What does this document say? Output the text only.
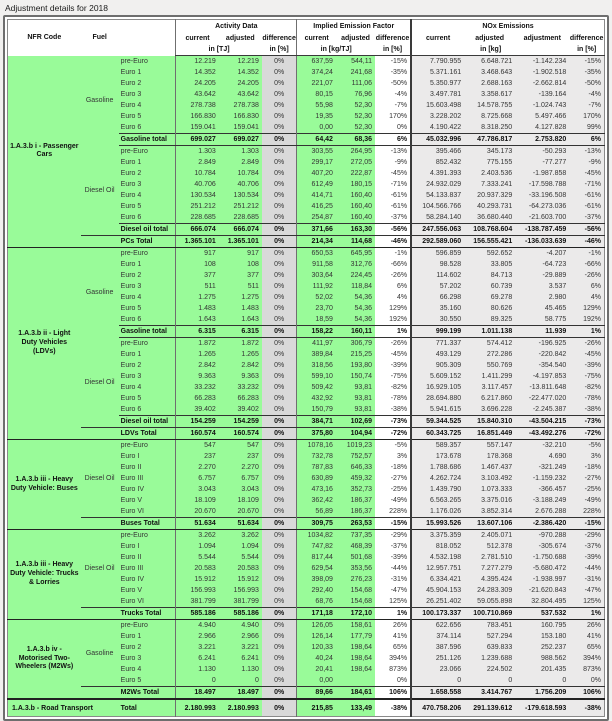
Adjustment details for 2018
NFR Code	Fuel		Activity Data			Implied Emission Factor			NOx Emissions			
			current	adjusted	difference	current	adjusted	difference	current	adjusted	adjustment	difference
			in [TJ]		in [%]	in [kg/TJ]		in [%]	in [kg]			in [%]
1.A.3.b i - Passenger Cars	Gasoline	pre-Euro	12.219	12.219	0%	637,59	544,11	-15%	7.790.955	6.648.721	-1.142.234	-15%
		Euro 1	14.352	14.352	0%	374,24	241,68	-35%	5.371.161	3.468.643	-1.902.518	-35%
		Euro 2	24.205	24.205	0%	221,07	111,06	-50%	5.350.977	2.688.163	-2.662.814	-50%
		Euro 3	43.642	43.642	0%	80,15	76,96	-4%	3.497.781	3.358.617	-139.164	-4%
		Euro 4	278.738	278.738	0%	55,98	52,30	-7%	15.603.498	14.578.755	-1.024.743	-7%
		Euro 5	166.830	166.830	0%	19,35	52,30	170%	3.228.202	8.725.668	5.497.466	170%
		Euro 6	159.041	159.041	0%	0,00	52,30	0%	4.190.422	8.318.250	4.127.828	99%
		Gasoline total	699.027	699.027	0%	64,42	68,36	6%	45.032.996	47.786.817	2.753.820	6%
	Diesel Oil	pre-Euro	1.303	1.303	0%	303,55	264,95	-13%	395.466	345.173	-50.293	-13%
		Euro 1	2.849	2.849	0%	299,17	272,05	-9%	852.432	775.155	-77.277	-9%
		Euro 2	10.784	10.784	0%	407,20	222,87	-45%	4.391.393	2.403.536	-1.987.858	-45%
		Euro 3	40.706	40.706	0%	612,49	180,15	-71%	24.932.029	7.333.241	-17.598.788	-71%
		Euro 4	130.534	130.534	0%	414,71	160,40	-61%	54.133.837	20.937.329	-33.196.508	-61%
		Euro 5	251.212	251.212	0%	416,25	160,40	-61%	104.566.766	40.293.731	-64.273.036	-61%
		Euro 6	228.685	228.685	0%	254,87	160,40	-37%	58.284.140	36.680.440	-21.603.700	-37%
		Diesel oil total	666.074	666.074	0%	371,66	163,30	-56%	247.556.063	108.768.604	-138.787.459	-56%
		PCs Total	1.365.101	1.365.101	0%	214,34	114,68	-46%	292.589.060	156.555.421	-136.033.639	-46%
1.A.3.b ii - Light Duty Vehicles (LDVs)	Gasoline	pre-Euro	917	917	0%	650,53	645,95	-1%	596.859	592.652	-4.207	-1%
		Euro 1	108	108	0%	911,58	312,76	-66%	98.528	33.805	-64.723	-66%
		Euro 2	377	377	0%	303,64	224,45	-26%	114.602	84.713	-29.889	-26%
		Euro 3	511	511	0%	111,92	118,84	6%	57.202	60.739	3.537	6%
		Euro 4	1.275	1.275	0%	52,02	54,36	4%	66.298	69.278	2.980	4%
		Euro 5	1.483	1.483	0%	23,70	54,36	129%	35.160	80.626	45.465	129%
		Euro 6	1.643	1.643	0%	18,59	54,36	192%	30.550	89.325	58.775	192%
		Gasoline total	6.315	6.315	0%	158,22	160,11	1%	999.199	1.011.138	11.939	1%
	Diesel Oil	pre-Euro	1.872	1.872	0%	411,97	306,79	-26%	771.337	574.412	-196.925	-26%
		Euro 1	1.265	1.265	0%	389,84	215,25	-45%	493.129	272.286	-220.842	-45%
		Euro 2	2.842	2.842	0%	318,56	193,80	-39%	905.309	550.769	-354.540	-39%
		Euro 3	9.363	9.363	0%	599,10	150,74	-75%	5.609.152	1.411.299	-4.197.853	-75%
		Euro 4	33.232	33.232	0%	509,42	93,81	-82%	16.929.105	3.117.457	-13.811.648	-82%
		Euro 5	66.283	66.283	0%	432,92	93,81	-78%	28.694.880	6.217.860	-22.477.020	-78%
		Euro 6	39.402	39.402	0%	150,79	93,81	-38%	5.941.615	3.696.228	-2.245.387	-38%
		Diesel oil total	154.259	154.259	0%	384,71	102,69	-73%	59.344.525	15.840.310	-43.504.215	-73%
		LDVs Total	160.574	160.574	0%	375,80	104,94	-72%	60.343.725	16.851.449	-43.492.276	-72%
1.A.3.b iii - Heavy Duty Vehicle: Buses	Diesel Oil	pre-Euro	547	547	0%	1078,16	1019,23	-5%	589.357	557.147	-32.210	-5%
		Euro I	237	237	0%	732,78	752,57	3%	173.678	178.368	4.690	3%
		Euro II	2.270	2.270	0%	787,83	646,33	-18%	1.788.686	1.467.437	-321.249	-18%
		Euro III	6.757	6.757	0%	630,89	459,32	-27%	4.262.724	3.103.492	-1.159.232	-27%
		Euro IV	3.043	3.043	0%	473,16	352,73	-25%	1.439.790	1.073.333	-366.457	-25%
		Euro V	18.109	18.109	0%	362,42	186,37	-49%	6.563.265	3.375.016	-3.188.249	-49%
		Euro VI	20.670	20.670	0%	56,89	186,37	228%	1.176.026	3.852.314	2.676.288	228%
		Buses Total	51.634	51.634	0%	309,75	263,53	-15%	15.993.526	13.607.106	-2.386.420	-15%
1.A.3.b iii - Heavy Duty Vehicle: Trucks & Lorries	Diesel Oil	pre-Euro	3.262	3.262	0%	1034,82	737,35	-29%	3.375.359	2.405.071	-970.288	-29%
		Euro I	1.094	1.094	0%	747,82	468,39	-37%	818.052	512.378	-305.674	-37%
		Euro II	5.544	5.544	0%	817,44	501,68	-39%	4.532.198	2.781.510	-1.750.688	-39%
		Euro III	20.583	20.583	0%	629,54	353,56	-44%	12.957.751	7.277.279	-5.680.472	-44%
		Euro IV	15.912	15.912	0%	398,09	276,23	-31%	6.334.421	4.395.424	-1.938.997	-31%
		Euro V	156.993	156.993	0%	292,40	154,68	-47%	45.904.153	24.283.309	-21.620.843	-47%
		Euro VI	381.799	381.799	0%	68,76	154,68	125%	26.251.402	59.055.898	32.804.495	125%
		Trucks Total	585.186	585.186	0%	171,18	172,10	1%	100.173.337	100.710.869	537.532	1%
1.A.3.b iv - Motorised Two- Wheelers (M2Ws)	Gasoline	pre-Euro	4.940	4.940	0%	126,05	158,61	26%	622.656	783.451	160.795	26%
		Euro 1	2.966	2.966	0%	126,14	177,79	41%	374.114	527.294	153.180	41%
		Euro 2	3.221	3.221	0%	120,33	198,64	65%	387.596	639.833	252.237	65%
		Euro 3	6.241	6.241	0%	40,24	198,64	394%	251.126	1.239.688	988.562	394%
		Euro 4	1.130	1.130	0%	20,41	198,64	873%	23.066	224.502	201.435	873%
		Euro 5	0	0	0%	0,00		0%	0	0	0	0%
		M2Ws Total	18.497	18.497	0%	89,66	184,61	106%	1.658.558	3.414.767	1.756.209	106%
1.A.3.b - Road Transport		Total	2.180.993	2.180.993	0%	215,85	133,49	-38%	470.758.206	291.139.612	-179.618.593	-38%
